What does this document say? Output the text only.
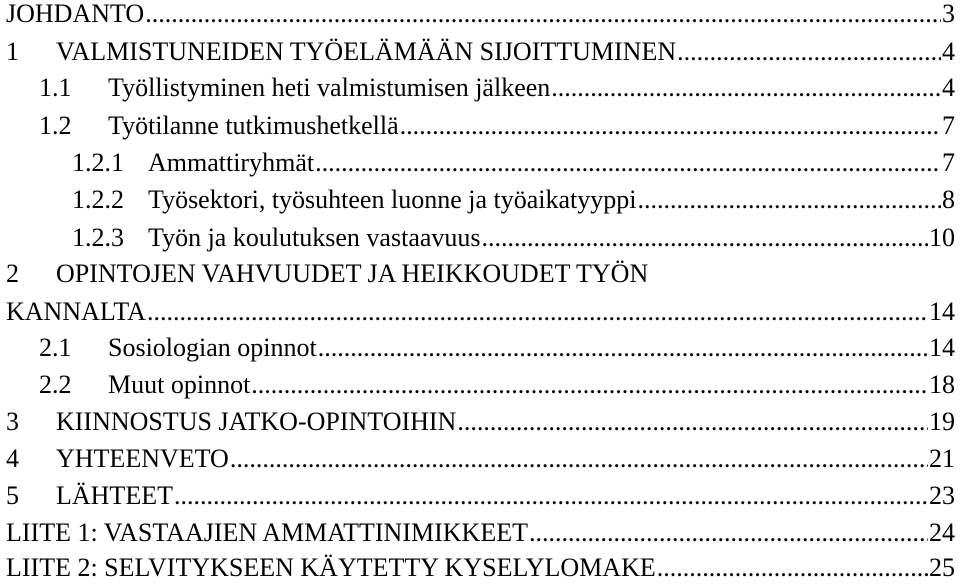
JOHDANTO .....	3
1	VALMISTUNEIDEN TYÖELÄMÄÄN SIJOITTUMINEN .....	4
1.1	Työllistyminen heti valmistumisen jälkeen .....	4
1.2	Työtilanne tutkimushetkellä .....	7
1.2.1 Ammattiryhmät .....	7
1.2.2 Työsektori, työsuhteen luonne ja työaikatyyppi .....	8
1.2.3 Työn ja koulutuksen vastaavuus .....	10
2 OPINTOJEN VAHVUUDET JA HEIKKOUDET TYÖN
KANNALTA .....	14
2.1	Sosiologian opinnot .....	14
2.2	Muut opinnot .....	18
3	KIINNOSTUS JATKO-OPINTOIHIN .....	19
4	YHTEENVETO .....	21
5	LÄHTEET .....	23
LIITE 1: VASTAAJIEN AMMATTINIMIKKEET .....	24
LIITE 2: SELVITYKSEEN KÄYTETTY KYSELYLOMAKE .....	25
